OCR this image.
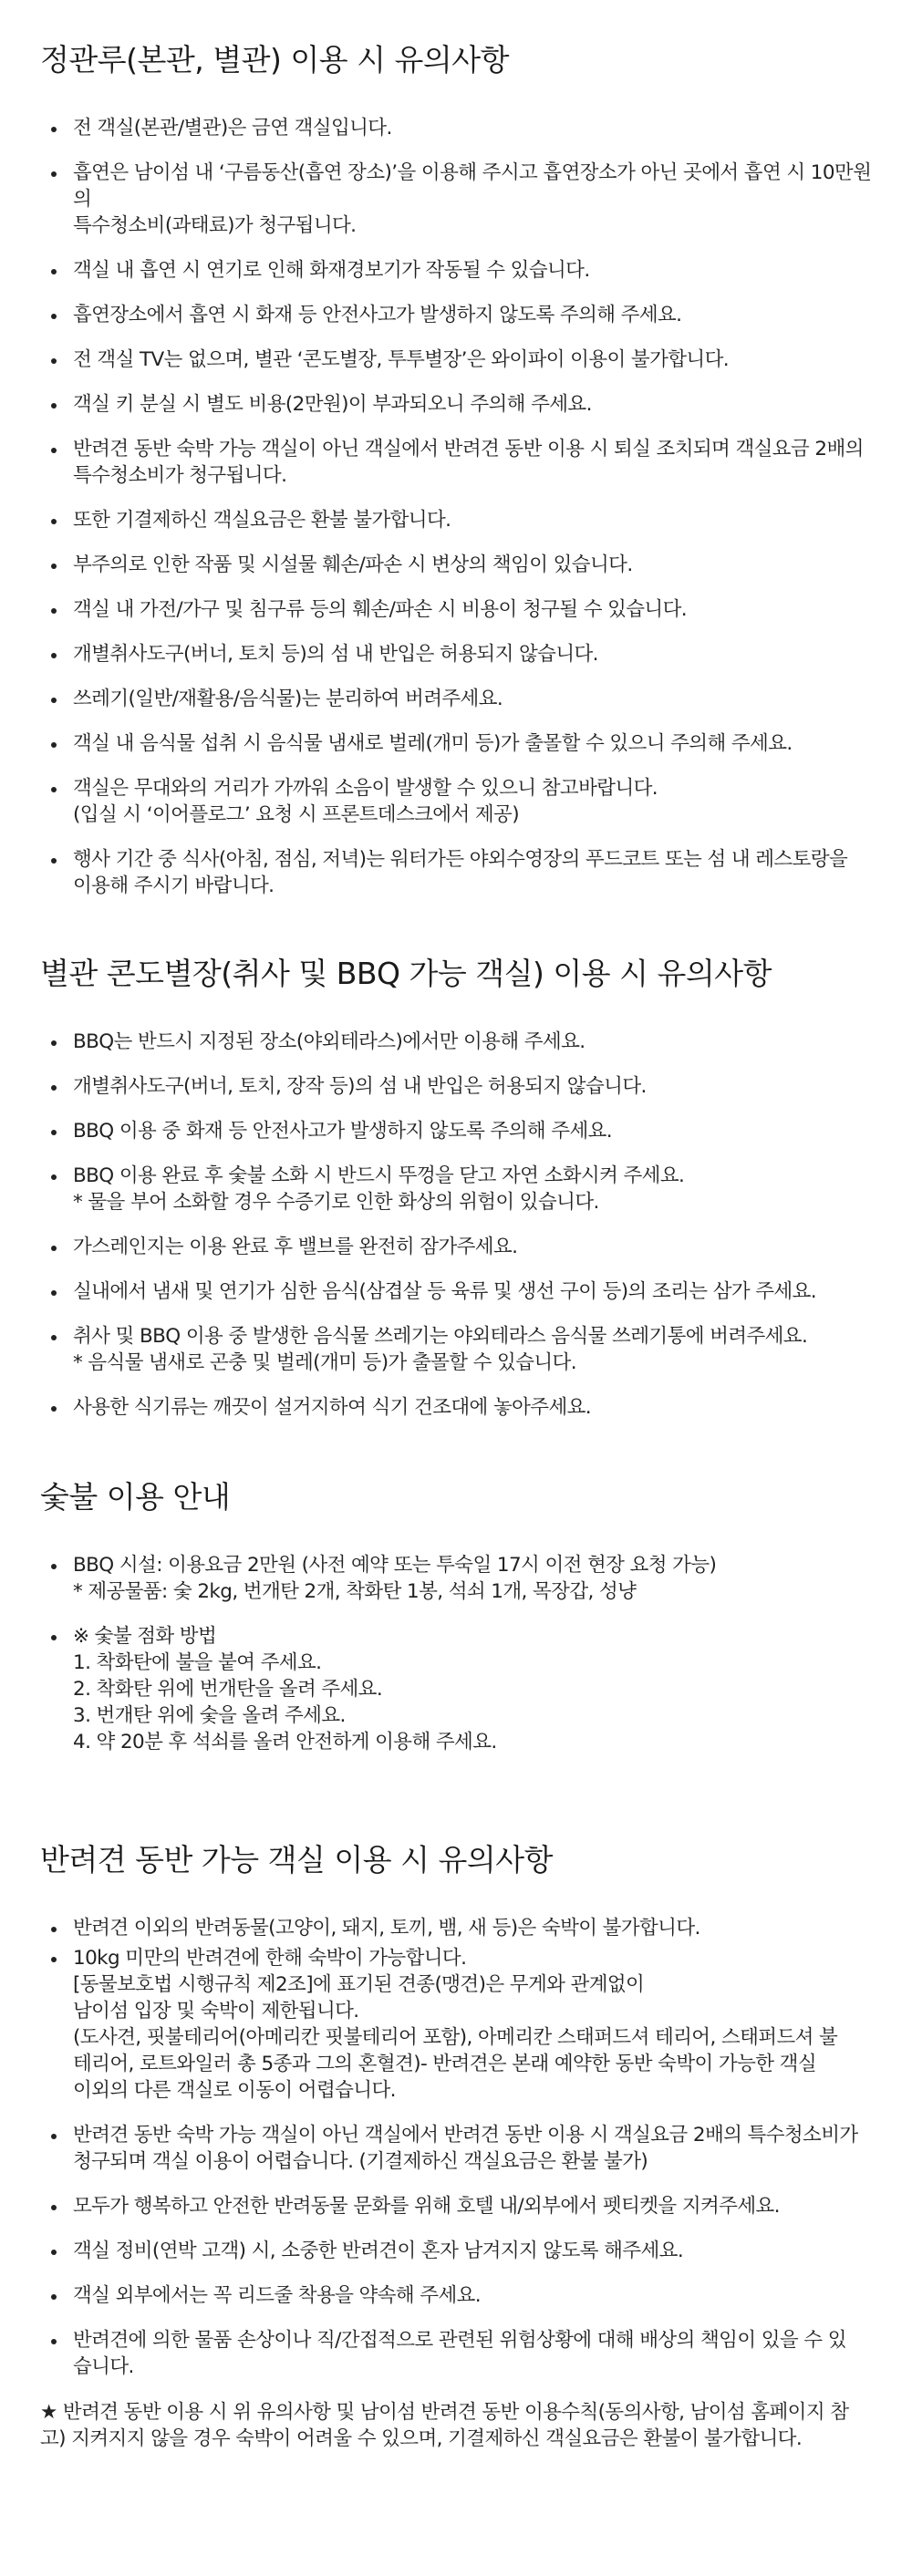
정관루(본관, 별관) 이용 시 유의사항
전 객실(본관/별관)은 금연 객실입니다.
흡연은 남이섬 내 ‘구름동산(흡연 장소)’을 이용해 주시고 흡연장소가 아닌 곳에서 흡연 시 10만원의
특수청소비(과태료)가 청구됩니다.
객실 내 흡연 시 연기로 인해 화재경보기가 작동될 수 있습니다.
흡연장소에서 흡연 시 화재 등 안전사고가 발생하지 않도록 주의해 주세요.
전 객실 TV는 없으며, 별관 ‘콘도별장, 투투별장’은 와이파이 이용이 불가합니다.
객실 키 분실 시 별도 비용(2만원)이 부과되오니 주의해 주세요.
반려견 동반 숙박 가능 객실이 아닌 객실에서 반려견 동반 이용 시 퇴실 조치되며 객실요금 2배의
특수청소비가 청구됩니다.
또한 기결제하신 객실요금은 환불 불가합니다.
부주의로 인한 작품 및 시설물 훼손/파손 시 변상의 책임이 있습니다.
객실 내 가전/가구 및 침구류 등의 훼손/파손 시 비용이 청구될 수 있습니다.
개별취사도구(버너, 토치 등)의 섬 내 반입은 허용되지 않습니다.
쓰레기(일반/재활용/음식물)는 분리하여 버려주세요.
객실 내 음식물 섭취 시 음식물 냄새로 벌레(개미 등)가 출몰할 수 있으니 주의해 주세요.
객실은 무대와의 거리가 가까워 소음이 발생할 수 있으니 참고바랍니다.
(입실 시 ‘이어플로그’ 요청 시 프론트데스크에서 제공)
행사 기간 중 식사(아침, 점심, 저녁)는 워터가든 야외수영장의 푸드코트 또는 섬 내 레스토랑을
이용해 주시기 바랍니다.
별관 콘도별장(취사 및 BBQ 가능 객실) 이용 시 유의사항
BBQ는 반드시 지정된 장소(야외테라스)에서만 이용해 주세요.
개별취사도구(버너, 토치, 장작 등)의 섬 내 반입은 허용되지 않습니다.
BBQ 이용 중 화재 등 안전사고가 발생하지 않도록 주의해 주세요.
BBQ 이용 완료 후 숯불 소화 시 반드시 뚜껑을 닫고 자연 소화시켜 주세요.
* 물을 부어 소화할 경우 수증기로 인한 화상의 위험이 있습니다.
가스레인지는 이용 완료 후 밸브를 완전히 잠가주세요.
실내에서 냄새 및 연기가 심한 음식(삼겹살 등 육류 및 생선 구이 등)의 조리는 삼가 주세요.
취사 및 BBQ 이용 중 발생한 음식물 쓰레기는 야외테라스 음식물 쓰레기통에 버려주세요.
* 음식물 냄새로 곤충 및 벌레(개미 등)가 출몰할 수 있습니다.
사용한 식기류는 깨끗이 설거지하여 식기 건조대에 놓아주세요.
숯불 이용 안내
BBQ 시설: 이용요금 2만원 (사전 예약 또는 투숙일 17시 이전 현장 요청 가능)
* 제공물품: 숯 2kg, 번개탄 2개, 착화탄 1봉, 석쇠 1개, 목장갑, 성냥
※ 숯불 점화 방법
1. 착화탄에 불을 붙여 주세요.
2. 착화탄 위에 번개탄을 올려 주세요.
3. 번개탄 위에 숯을 올려 주세요.
4. 약 20분 후 석쇠를 올려 안전하게 이용해 주세요.
반려견 동반 가능 객실 이용 시 유의사항
반려견 이외의 반려동물(고양이, 돼지, 토끼, 뱀, 새 등)은 숙박이 불가합니다.
10kg 미만의 반려견에 한해 숙박이 가능합니다.
[동물보호법 시행규칙 제2조]에 표기된 견종(맹견)은 무게와 관계없이
남이섬 입장 및 숙박이 제한됩니다.
(도사견, 핏불테리어(아메리칸 핏불테리어 포함), 아메리칸 스태퍼드셔 테리어, 스태퍼드셔 불
테리어, 로트와일러 총 5종과 그의 혼혈견)- 반려견은 본래 예약한 동반 숙박이 가능한 객실
이외의 다른 객실로 이동이 어렵습니다.
반려견 동반 숙박 가능 객실이 아닌 객실에서 반려견 동반 이용 시 객실요금 2배의 특수청소비가
청구되며 객실 이용이 어렵습니다. (기결제하신 객실요금은 환불 불가)
모두가 행복하고 안전한 반려동물 문화를 위해 호텔 내/외부에서 펫티켓을 지켜주세요.
객실 정비(연박 고객) 시, 소중한 반려견이 혼자 남겨지지 않도록 해주세요.
객실 외부에서는 꼭 리드줄 착용을 약속해 주세요.
반려견에 의한 물품 손상이나 직/간접적으로 관련된 위험상황에 대해 배상의 책임이 있을 수 있
습니다.

★ 반려견 동반 이용 시 위 유의사항 및 남이섬 반려견 동반 이용수칙(동의사항, 남이섬 홈페이지 참
고) 지켜지지 않을 경우 숙박이 어려울 수 있으며, 기결제하신 객실요금은 환불이 불가합니다.
